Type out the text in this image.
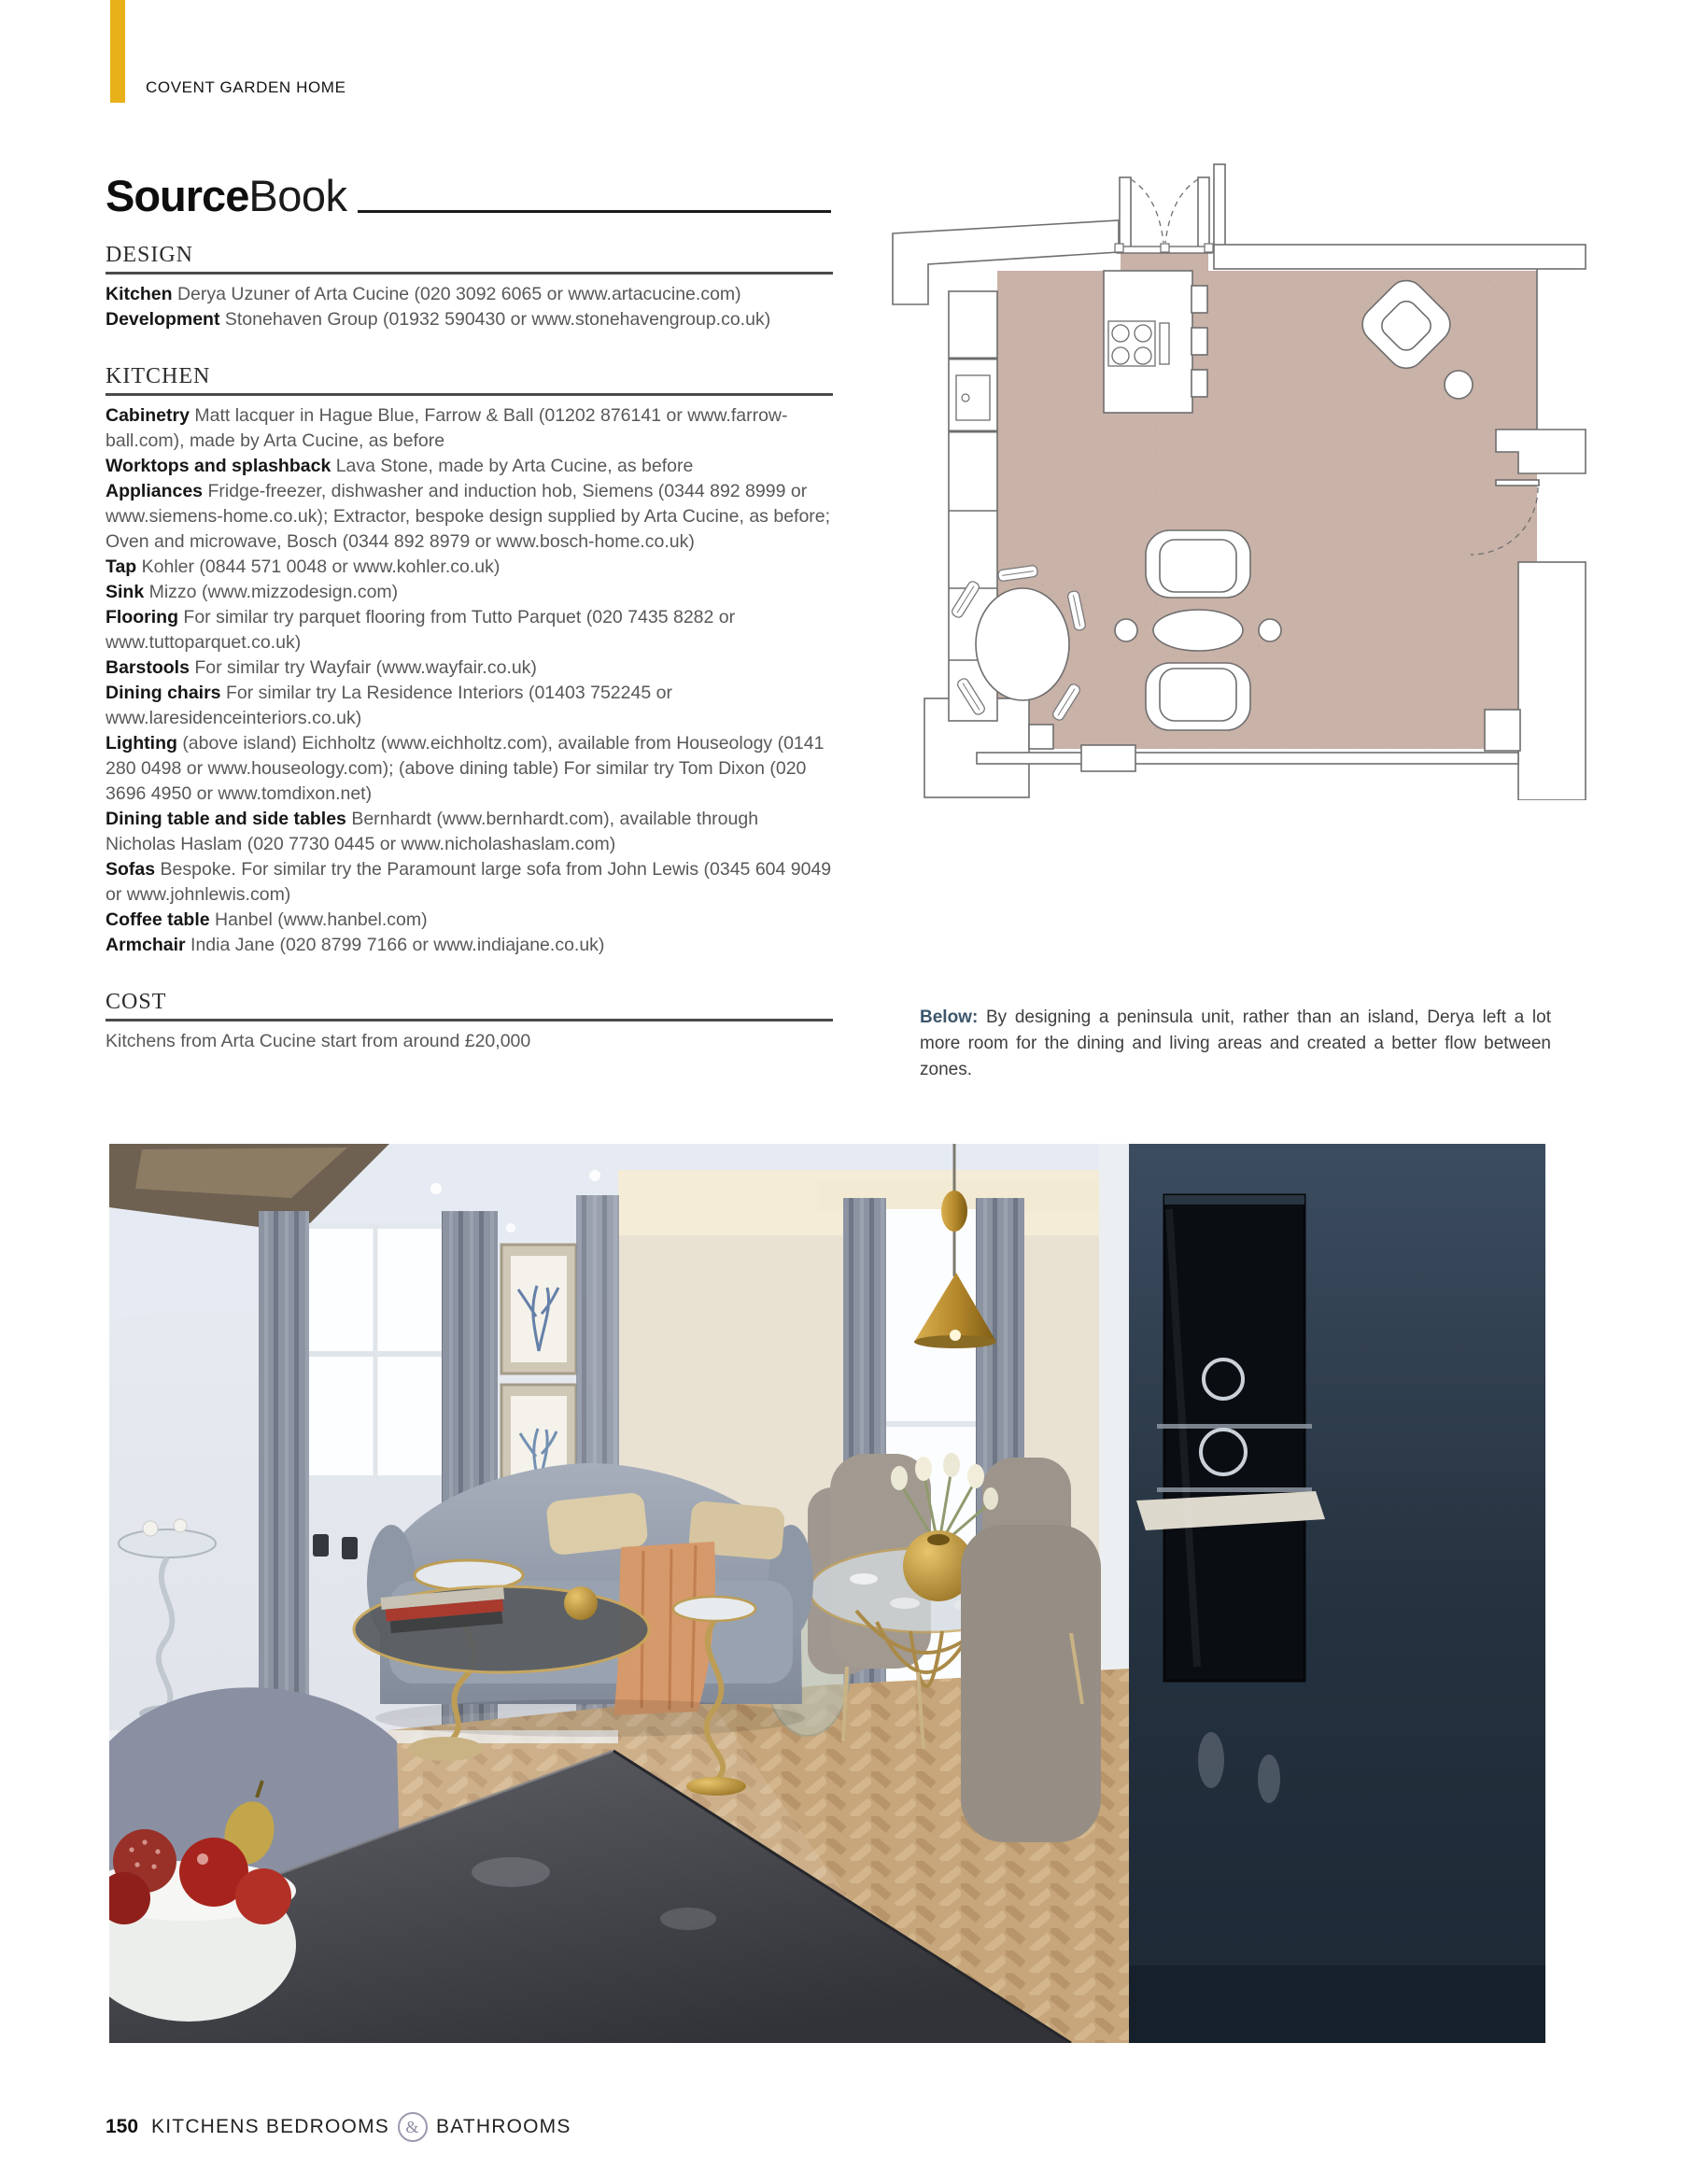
COVENT GARDEN HOME
Source Book
DESIGN

Kitchen Derya Uzuner of Arta Cucine (020 3092 6065 or www.artacucine.com)

Development Stonehaven Group (01932 590430 or www.stonehavengroup.co.uk)

KITCHEN

Cabinetry Matt lacquer in Hague Blue, Farrow & Ball (01202 876141 or www.farrow-ball.com), made by Arta Cucine, as before

Worktops and splashback Lava Stone, made by Arta Cucine, as before

Appliances Fridge-freezer, dishwasher and induction hob, Siemens (0344 892 8999 or www.siemens-home.co.uk); Extractor, bespoke design supplied by Arta Cucine, as before; Oven and microwave, Bosch (0344 892 8979 or www.bosch-home.co.uk)

Tap Kohler (0844 571 0048 or www.kohler.co.uk)

Sink Mizzo (www.mizzodesign.com)

Flooring For similar try parquet flooring from Tutto Parquet (020 7435 8282 or www.tuttoparquet.co.uk)

Barstools For similar try Wayfair (www.wayfair.co.uk)

Dining chairs For similar try La Residence Interiors (01403 752245 or www.laresidenceinteriors.co.uk)

Lighting (above island) Eichholtz (www.eichholtz.com), available from Houseology (0141 280 0498 or www.houseology.com); (above dining table) For similar try Tom Dixon (020 3696 4950 or www.tomdixon.net)

Dining table and side tables Bernhardt (www.bernhardt.com), available through Nicholas Haslam (020 7730 0445 or www.nicholashaslam.com)

Sofas Bespoke. For similar try the Paramount large sofa from John Lewis (0345 604 9049 or www.johnlewis.com)

Coffee table Hanbel (www.hanbel.com)

Armchair India Jane (020 8799 7166 or www.indiajane.co.uk)

COST

Kitchens from Arta Cucine start from around £20,000

Below: By designing a peninsula unit, rather than an island, Derya left a lot more room for the dining and living areas and created a better flow between zones.
150 KITCHENS BEDROOMS & BATHROOMS
